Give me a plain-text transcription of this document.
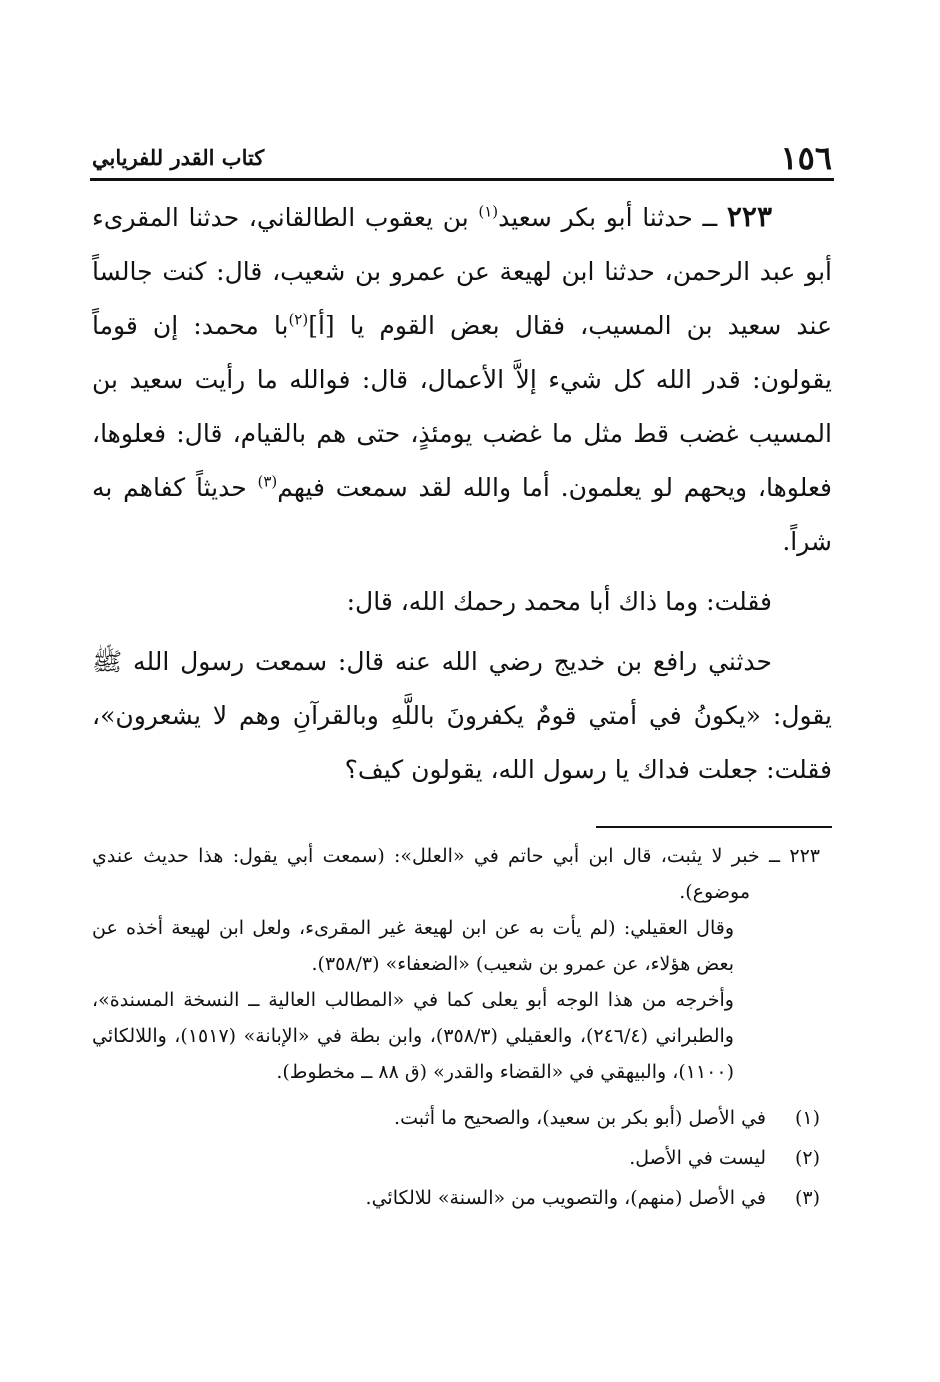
١٥٦
كتاب القدر للفريابي

٢٢٣ ــ حدثنا أبو بكر سعيد$^{(١)}$ بن يعقوب الطالقاني، حدثنا المقرىء أبو عبد الرحمن، حدثنا ابن لهيعة عن عمرو بن شعيب، قال: كنت جالساً عند سعيد بن المسيب، فقال بعض القوم يا [أ]$^{(٢)}$با محمد: إن قوماً يقولون: قدر الله كل شيء إلاَّ الأعمال، قال: فوالله ما رأيت سعيد بن المسيب غضب قط مثل ما غضب يومئذٍ، حتى هم بالقيام، قال: فعلوها، فعلوها، ويحهم لو يعلمون. أما والله لقد سمعت فيهم$^{(٣)}$ حديثاً كفاهم به شراً.

فقلت: وما ذاك أبا محمد رحمك الله، قال:

حدثني رافع بن خديج رضي الله عنه قال: سمعت رسول الله ﷺ يقول: «يكونُ في أمتي قومٌ يكفرونَ باللَّهِ وبالقرآنِ وهم لا يشعرون»، فقلت: جعلت فداك يا رسول الله، يقولون كيف؟

٢٢٣ ــ خبر لا يثبت، قال ابن أبي حاتم في «العلل»: (سمعت أبي يقول: هذا حديث عندي موضوع).

وقال العقيلي: (لم يأت به عن ابن لهيعة غير المقرىء، ولعل ابن لهيعة أخذه عن بعض هؤلاء، عن عمرو بن شعيب) «الضعفاء» (٣٥٨/٣).

وأخرجه من هذا الوجه أبو يعلى كما في «المطالب العالية ــ النسخة المسندة»، والطبراني (٢٤٦/٤)، والعقيلي (٣٥٨/٣)، وابن بطة في «الإبانة» (١٥١٧)، واللالكائي (١١٠٠)، والبيهقي في «القضاء والقدر» (ق ٨٨ ــ مخطوط).

(١)
في الأصل (أبو بكر بن سعيد)، والصحيح ما أثبت.
(٢)
ليست في الأصل.
(٣)
في الأصل (منهم)، والتصويب من «السنة» للالكائي.
